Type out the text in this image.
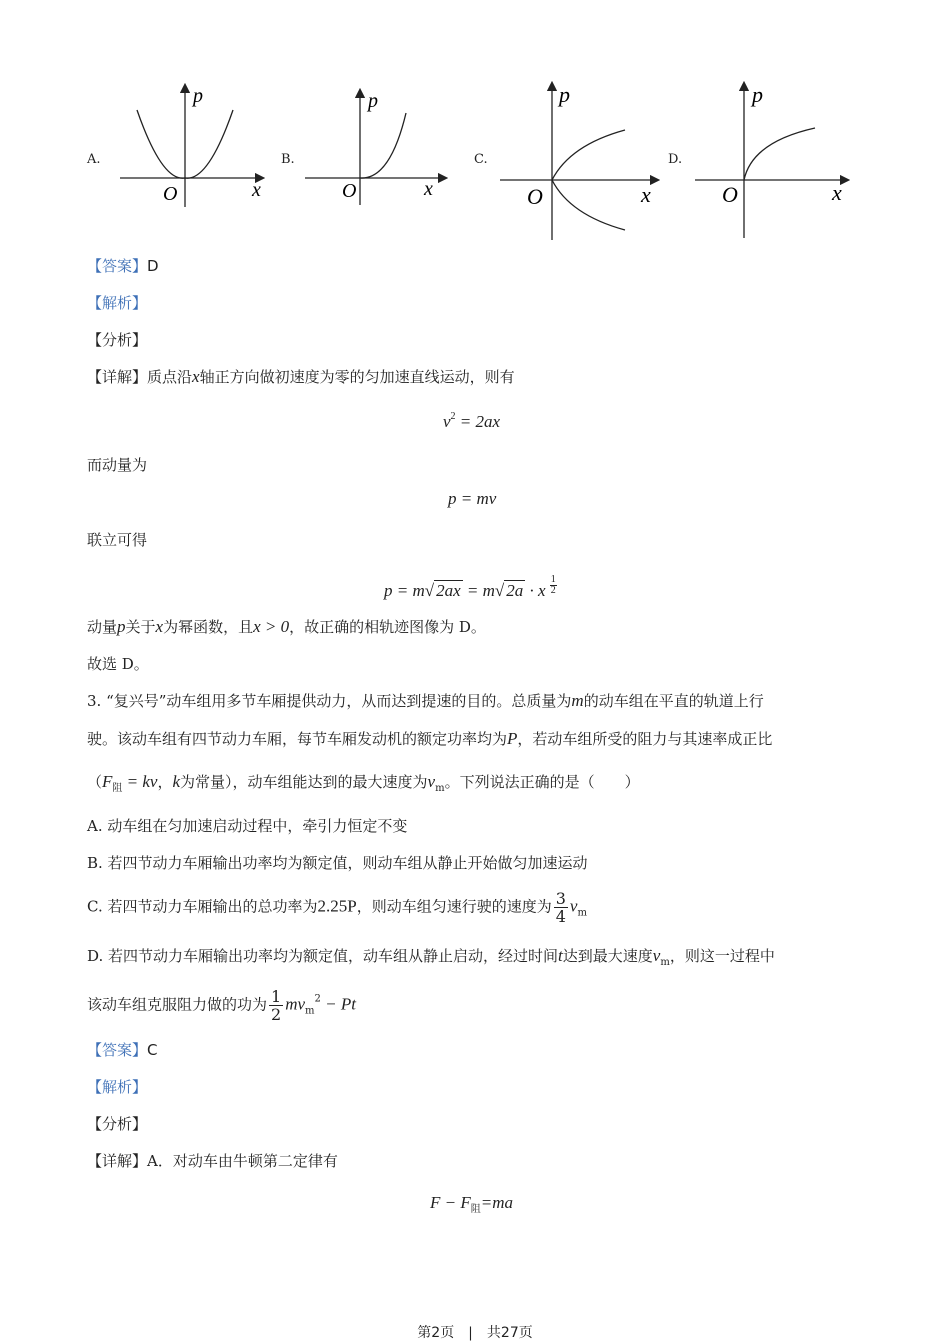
A.
p
x
O
B.
p
x
O
C.
p
x
O
D.
p
x
O
【答案】D
【解析】
【分析】
【详解】质点沿x轴正方向做初速度为零的匀加速直线运动，则有
$v^2 = 2ax$
而动量为
p = mv
联立可得
p = m√ 2ax = m√ 2a · x $\frac{1}{2}$
动量p关于x为幂函数，且x > 0，故正确的相轨迹图像为 D。
故选 D。
3. “复兴号”动车组用多节车厢提供动力，从而达到提速的目的。总质量为m的动车组在平直的轨道上行
驶。该动车组有四节动力车厢，每节车厢发动机的额定功率均为P，若动车组所受的阻力与其速率成正比
（$F_阻$ = kv，k为常量），动车组能达到的最大速度为$v_m$。下列说法正确的是（　　）
A. 动车组在匀加速启动过程中，牵引力恒定不变
B. 若四节动力车厢输出功率均为额定值，则动车组从静止开始做匀加速运动
C. 若四节动力车厢输出的总功率为2.25P，则动车组匀速行驶的速度为 $\frac{3}{4} v_m$
D. 若四节动力车厢输出功率均为额定值，动车组从静止启动，经过时间t达到最大速度$v_m$，则这一过程中
该动车组克服阻力做的功为 $\frac{1}{2} mv_m^2 - Pt$
【答案】C
【解析】
【分析】
【详解】A．对动车由牛顿第二定律有
$F - F_阻=ma$
第2页　|　共27页
